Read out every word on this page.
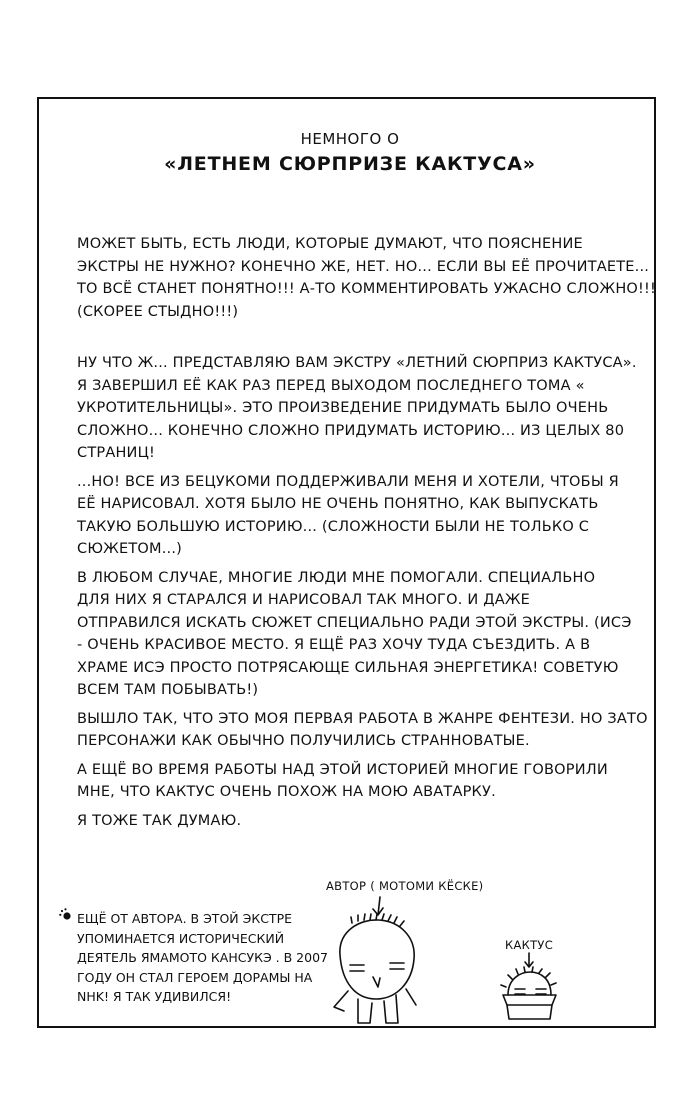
НЕМНОГО О
«ЛЕТНЕМ СЮРПРИЗЕ КАКТУСА»
МОЖЕТ БЫТЬ, ЕСТЬ ЛЮДИ, КОТОРЫЕ ДУМАЮТ, ЧТО ПОЯСНЕНИЕ
ЭКСТРЫ НЕ НУЖНО? КОНЕЧНО ЖЕ, НЕТ. НО... ЕСЛИ ВЫ ЕЁ ПРОЧИТАЕТЕ...
ТО ВСЁ СТАНЕТ ПОНЯТНО!!! А-ТО КОММЕНТИРОВАТЬ УЖАСНО СЛОЖНО!!!
(СКОРЕЕ СТЫДНО!!!)
НУ ЧТО Ж... ПРЕДСТАВЛЯЮ ВАМ ЭКСТРУ «ЛЕТНИЙ СЮРПРИЗ КАКТУСА».
Я ЗАВЕРШИЛ ЕЁ КАК РАЗ ПЕРЕД ВЫХОДОМ ПОСЛЕДНЕГО ТОМА «
УКРОТИТЕЛЬНИЦЫ». ЭТО ПРОИЗВЕДЕНИЕ ПРИДУМАТЬ БЫЛО ОЧЕНЬ
СЛОЖНО... КОНЕЧНО СЛОЖНО ПРИДУМАТЬ ИСТОРИЮ... ИЗ ЦЕЛЫХ 80
СТРАНИЦ!
...НО! ВСЕ ИЗ БЕЦУКОМИ ПОДДЕРЖИВАЛИ МЕНЯ И ХОТЕЛИ, ЧТОБЫ Я
ЕЁ НАРИСОВАЛ. ХОТЯ БЫЛО НЕ ОЧЕНЬ ПОНЯТНО, КАК ВЫПУСКАТЬ
ТАКУЮ БОЛЬШУЮ ИСТОРИЮ... (СЛОЖНОСТИ БЫЛИ НЕ ТОЛЬКО С
СЮЖЕТОМ...)
В ЛЮБОМ СЛУЧАЕ, МНОГИЕ ЛЮДИ МНЕ ПОМОГАЛИ. СПЕЦИАЛЬНО
ДЛЯ НИХ Я СТАРАЛСЯ И НАРИСОВАЛ ТАК МНОГО. И ДАЖЕ
ОТПРАВИЛСЯ ИСКАТЬ СЮЖЕТ СПЕЦИАЛЬНО РАДИ ЭТОЙ ЭКСТРЫ. (ИСЭ
- ОЧЕНЬ КРАСИВОЕ МЕСТО. Я ЕЩЁ РАЗ ХОЧУ ТУДА СЪЕЗДИТЬ. А В
ХРАМЕ ИСЭ ПРОСТО ПОТРЯСАЮЩЕ СИЛЬНАЯ ЭНЕРГЕТИКА! СОВЕТУЮ
ВСЕМ ТАМ ПОБЫВАТЬ!)
ВЫШЛО ТАК, ЧТО ЭТО МОЯ ПЕРВАЯ РАБОТА В ЖАНРЕ ФЕНТЕЗИ. НО ЗАТО
ПЕРСОНАЖИ КАК ОБЫЧНО ПОЛУЧИЛИСЬ СТРАННОВАТЫЕ.
А ЕЩЁ ВО ВРЕМЯ РАБОТЫ НАД ЭТОЙ ИСТОРИЕЙ МНОГИЕ ГОВОРИЛИ
МНЕ, ЧТО КАКТУС ОЧЕНЬ ПОХОЖ НА МОЮ АВАТАРКУ.
Я ТОЖЕ ТАК ДУМАЮ.
ЕЩЁ ОТ АВТОРА. В ЭТОЙ ЭКСТРЕ
УПОМИНАЕТСЯ ИСТОРИЧЕСКИЙ
ДЕЯТЕЛЬ ЯМАМОТО КАНСУКЭ . В 2007
ГОДУ ОН СТАЛ ГЕРОЕМ ДОРАМЫ НА
NHK! Я ТАК УДИВИЛСЯ!
АВТОР ( МОТОМИ КЁСКЕ)
КАКТУС
